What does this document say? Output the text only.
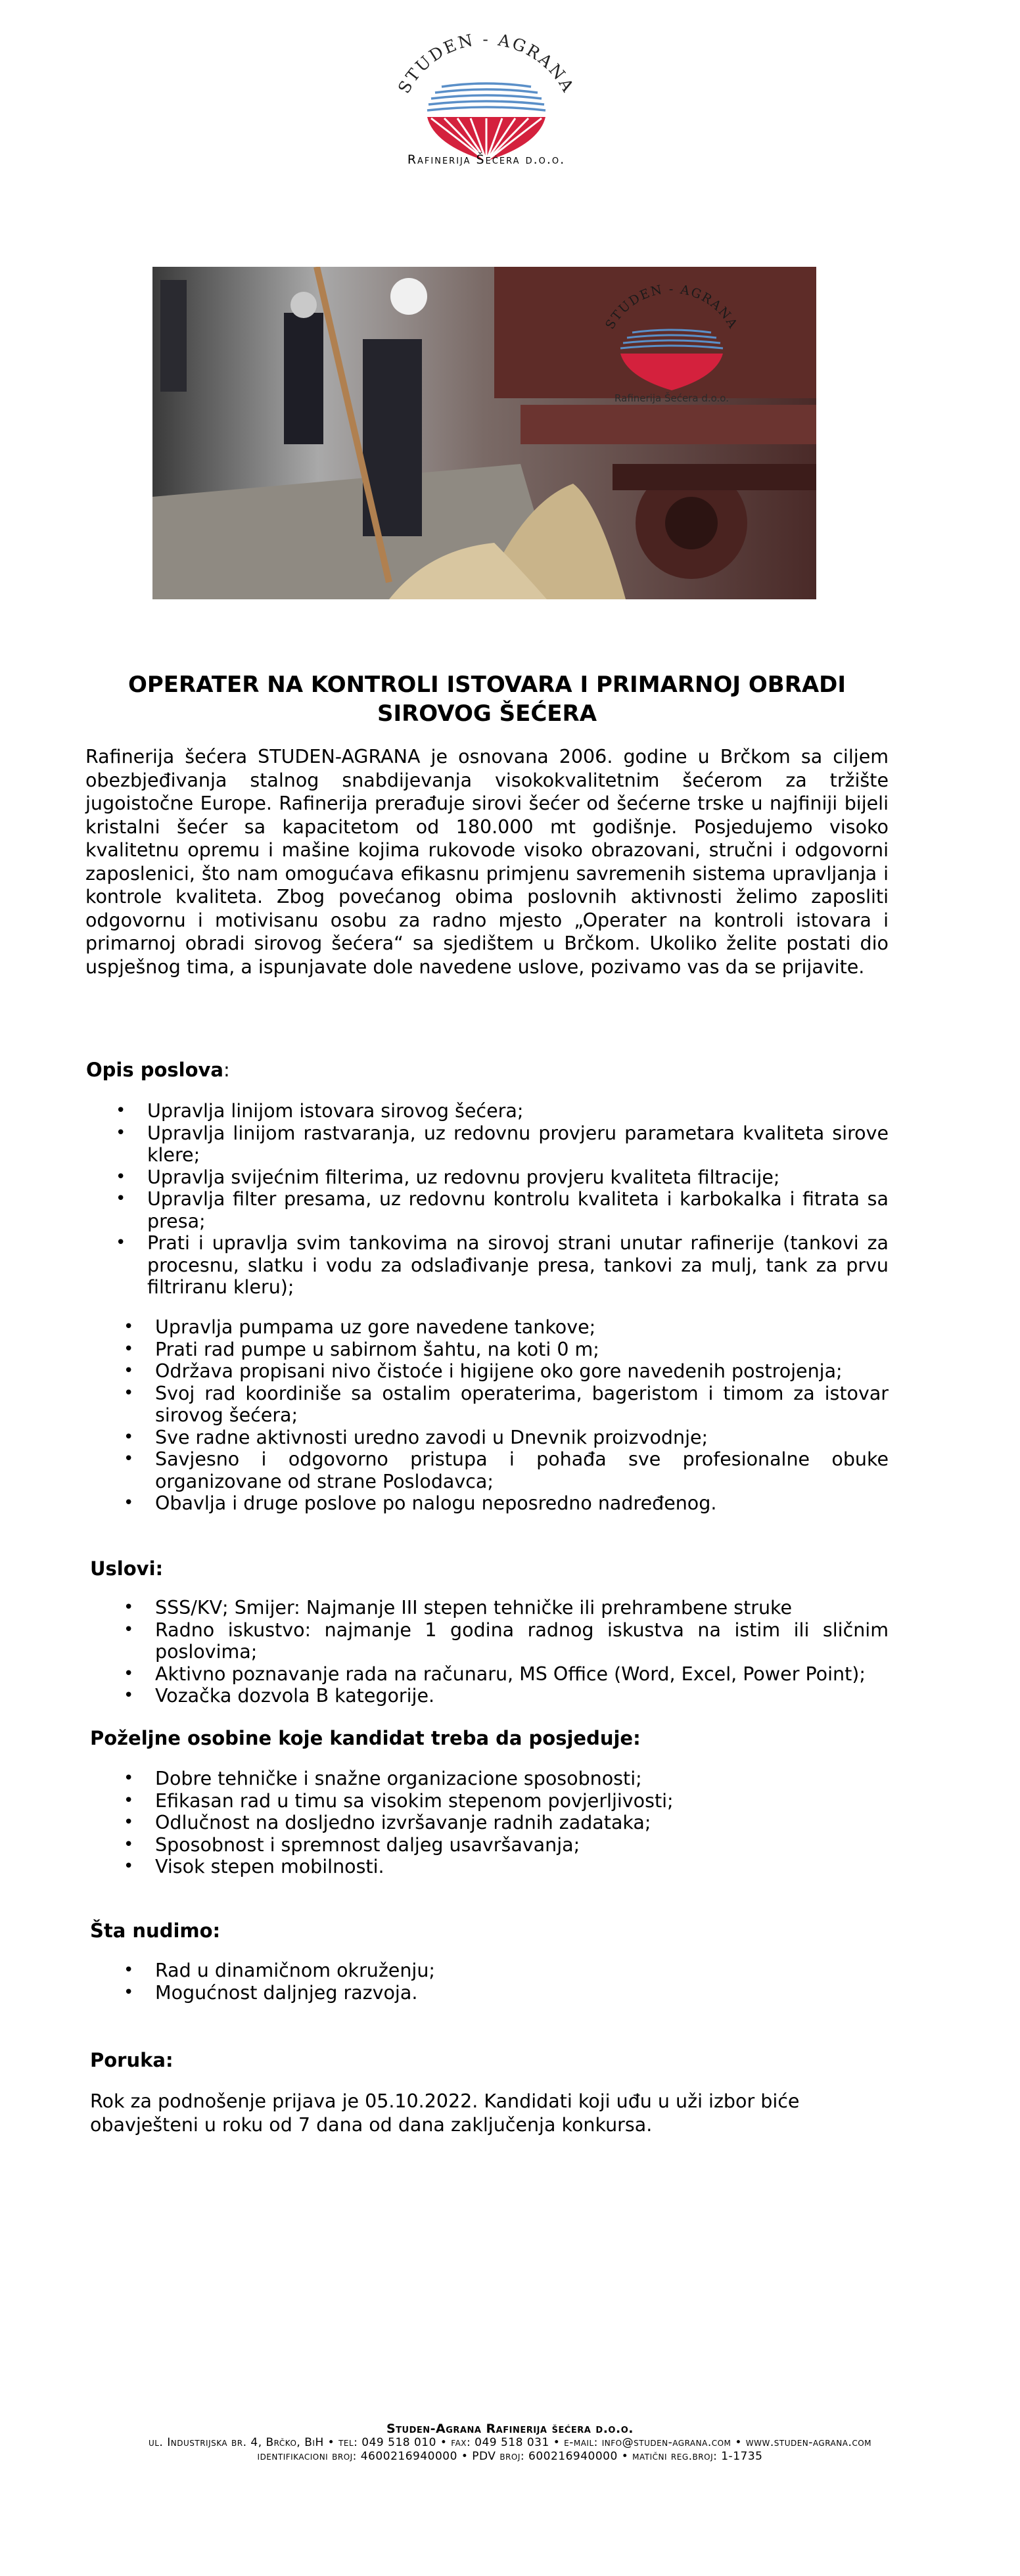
STUDEN - AGRANA
Rafinerija Šećera d.o.o.
STUDEN - AGRANA
Rafinerija Šećera d.o.o.
OPERATER NA KONTROLI ISTOVARA I PRIMARNOJ OBRADI
SIROVOG ŠEĆERA
Rafinerija šećera STUDEN-AGRANA je osnovana 2006. godine u Brčkom sa ciljem obezbjeđivanja stalnog snabdijevanja visokokvalitetnim šećerom za tržište jugoistočne Europe. Rafinerija prerađuje sirovi šećer od šećerne trske u najfiniji bijeli kristalni šećer sa kapacitetom od 180.000 mt godišnje. Posjedujemo visoko kvalitetnu opremu i mašine kojima rukovode visoko obrazovani, stručni i odgovorni zaposlenici, što nam omogućava efikasnu primjenu savremenih sistema upravljanja i kontrole kvaliteta. Zbog povećanog obima poslovnih aktivnosti želimo zaposliti odgovornu i motivisanu osobu za radno mjesto „Operater na kontroli istovara i primarnoj obradi sirovog šećera“ sa sjedištem u Brčkom. Ukoliko želite postati dio uspješnog tima, a ispunjavate dole navedene uslove, pozivamo vas da se prijavite.
Opis poslova:
• Upravlja linijom istovara sirovog šećera;
• Upravlja linijom rastvaranja, uz redovnu provjeru parametara kvaliteta sirove klere;
• Upravlja svijećnim filterima, uz redovnu provjeru kvaliteta filtracije;
• Upravlja filter presama, uz redovnu kontrolu kvaliteta i karbokalka i fitrata sa presa;
• Prati i upravlja svim tankovima na sirovoj strani unutar rafinerije (tankovi za procesnu, slatku i vodu za odslađivanje presa, tankovi za mulj, tank za prvu filtriranu kleru);
• Upravlja pumpama uz gore navedene tankove;
• Prati rad pumpe u sabirnom šahtu, na koti 0 m;
• Održava propisani nivo čistoće i higijene oko gore navedenih postrojenja;
• Svoj rad koordiniše sa ostalim operaterima, bageristom i timom za istovar sirovog šećera;
• Sve radne aktivnosti uredno zavodi u Dnevnik proizvodnje;
• Savjesno i odgovorno pristupa i pohađa sve profesionalne obuke organizovane od strane Poslodavca;
• Obavlja i druge poslove po nalogu neposredno nadređenog.
Uslovi:
• SSS/KV; Smijer: Najmanje III stepen tehničke ili prehrambene struke
• Radno iskustvo: najmanje 1 godina radnog iskustva na istim ili sličnim poslovima;
• Aktivno poznavanje rada na računaru, MS Office (Word, Excel, Power Point);
• Vozačka dozvola B kategorije.
Poželjne osobine koje kandidat treba da posjeduje:
• Dobre tehničke i snažne organizacione sposobnosti;
• Efikasan rad u timu sa visokim stepenom povjerljivosti;
• Odlučnost na dosljedno izvršavanje radnih zadataka;
• Sposobnost i spremnost daljeg usavršavanja;
• Visok stepen mobilnosti.
Šta nudimo:
• Rad u dinamičnom okruženju;
• Mogućnost daljnjeg razvoja.
Poruka:
Rok za podnošenje prijava je 05.10.2022. Kandidati koji uđu u uži izbor biće obavješteni u roku od 7 dana od dana zaključenja konkursa.
Studen-Agrana Rafinerija šećera d.o.o.
ul. Industrijska br. 4, Brčko, BiH • tel: 049 518 010 • fax: 049 518 031 • e-mail: info@studen-agrana.com • www.studen-agrana.com
identifikacioni broj: 4600216940000 • PDV broj: 600216940000 • matični reg.broj: 1-1735
